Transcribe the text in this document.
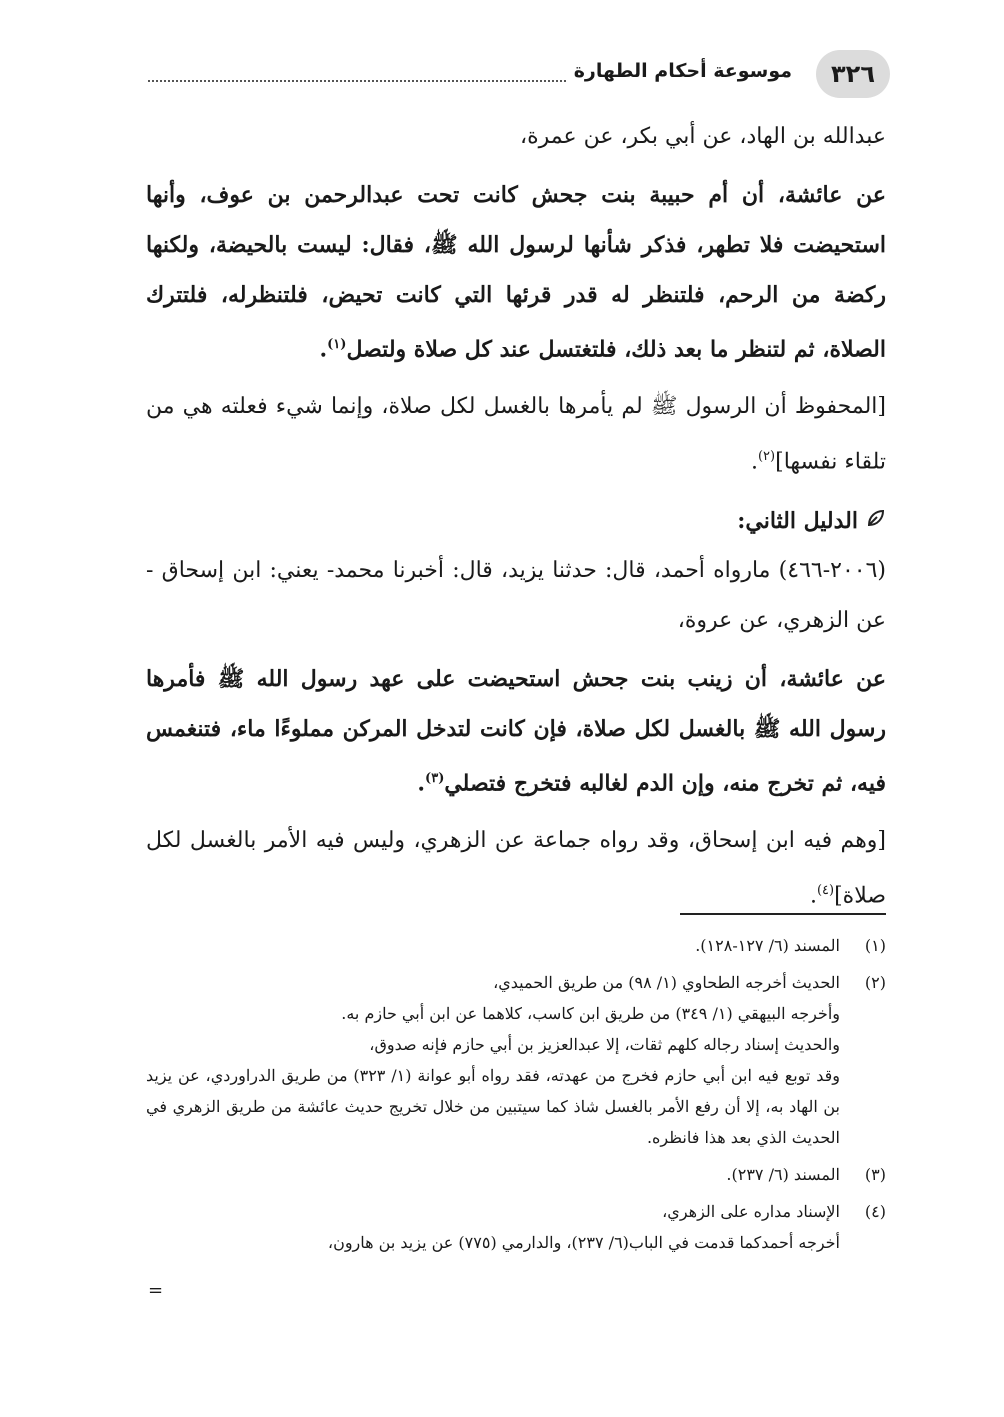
٣٢٦
موسوعة أحكام الطهارة

عبدالله بن الهاد، عن أبي بكر، عن عمرة،

عن عائشة، أن أم حبيبة بنت جحش كانت تحت عبدالرحمن بن عوف، وأنها استحيضت فلا تطهر، فذكر شأنها لرسول الله ﷺ، فقال: ليست بالحيضة، ولكنها ركضة من الرحم، فلتنظر له قدر قرئها التي كانت تحيض، فلتنظرله، فلتترك الصلاة، ثم لتنظر ما بعد ذلك، فلتغتسل عند كل صلاة ولتصل$^{(١)}$.

[المحفوظ أن الرسول ﷺ لم يأمرها بالغسل لكل صلاة، وإنما شيء فعلته هي من تلقاء نفسها]$^{(٢)}$.

الدليل الثاني:

(٢٠٠٦-٤٦٦) مارواه أحمد، قال: حدثنا يزيد، قال: أخبرنا محمد- يعني: ابن إسحاق - عن الزهري، عن عروة،

عن عائشة، أن زينب بنت جحش استحيضت على عهد رسول الله ﷺ فأمرها رسول الله ﷺ بالغسل لكل صلاة، فإن كانت لتدخل المركن مملوءًا ماء، فتنغمس فيه، ثم تخرج منه، وإن الدم لغالبه فتخرج فتصلي$^{(٣)}$.

[وهم فيه ابن إسحاق، وقد رواه جماعة عن الزهري، وليس فيه الأمر بالغسل لكل صلاة]$^{(٤)}$.

(١)
المسند (٦/ ١٢٧-١٢٨).
(٢)
الحديث أخرجه الطحاوي (١/ ٩٨) من طريق الحميدي،
وأخرجه البيهقي (١/ ٣٤٩) من طريق ابن كاسب، كلاهما عن ابن أبي حازم به.
والحديث إسناد رجاله كلهم ثقات، إلا عبدالعزيز بن أبي حازم فإنه صدوق،
وقد توبع فيه ابن أبي حازم فخرج من عهدته، فقد رواه أبو عوانة (١/ ٣٢٣) من طريق الدراوردي، عن يزيد بن الهاد به، إلا أن رفع الأمر بالغسل شاذ كما سيتبين من خلال تخريج حديث عائشة من طريق الزهري في الحديث الذي بعد هذا فانظره.
(٣)
المسند (٦/ ٢٣٧).
(٤)
الإسناد مداره على الزهري،
أخرجه أحمدكما قدمت في الباب(٦/ ٢٣٧)، والدارمي (٧٧٥) عن يزيد بن هارون،
=
